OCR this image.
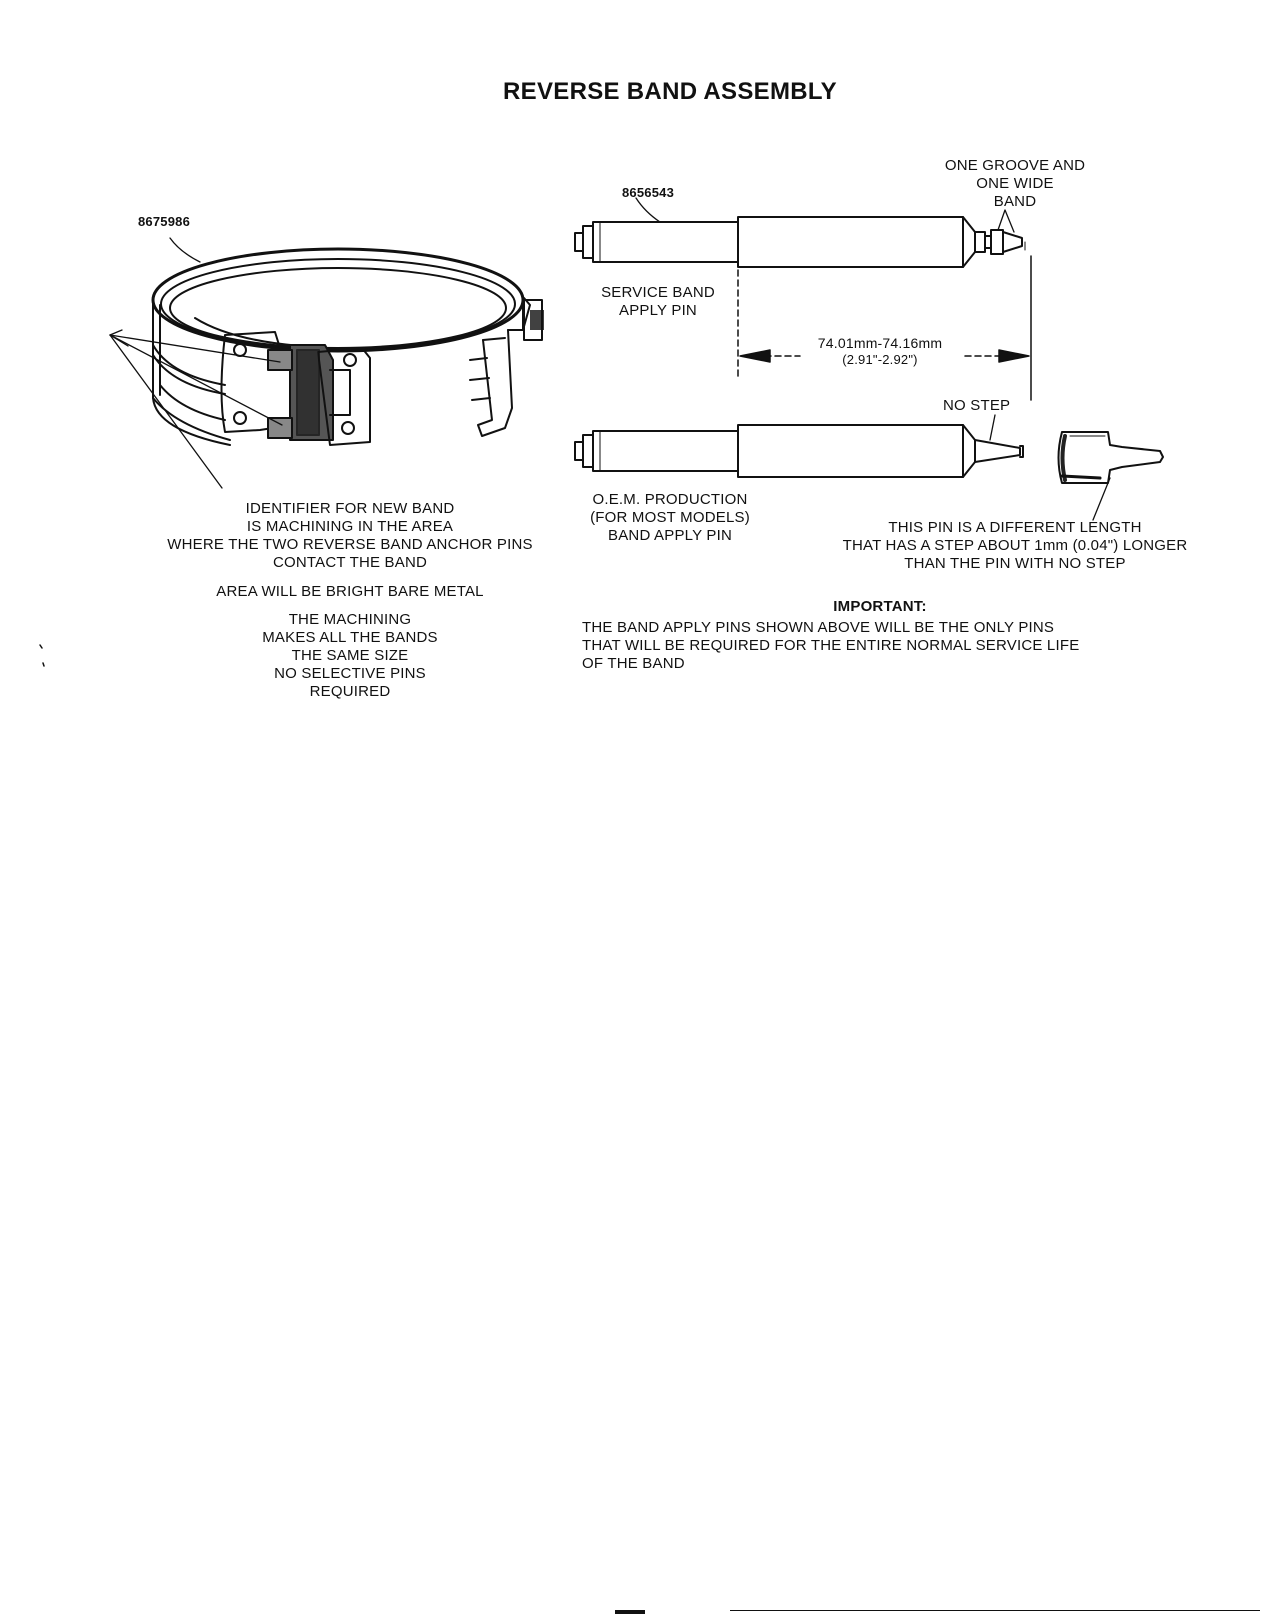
REVERSE BAND ASSEMBLY
8675986
IDENTIFIER FOR NEW BAND
IS MACHINING IN THE AREA
WHERE THE TWO REVERSE BAND ANCHOR PINS
CONTACT THE BAND
AREA WILL BE BRIGHT BARE METAL
THE MACHINING
MAKES ALL THE BANDS
THE SAME SIZE
NO SELECTIVE PINS
REQUIRED
8656543
SERVICE BAND
APPLY PIN
ONE GROOVE AND
ONE WIDE
BAND
74.01mm-74.16mm
(2.91"-2.92")
NO STEP
O.E.M. PRODUCTION
(FOR MOST MODELS)
BAND APPLY PIN	THIS PIN IS A DIFFERENT LENGTH
THAT HAS A STEP ABOUT 1mm (0.04") LONGER
THAN THE PIN WITH NO STEP
IMPORTANT:
THE BAND APPLY PINS SHOWN ABOVE WILL BE THE ONLY PINS
THAT WILL BE REQUIRED FOR THE ENTIRE NORMAL SERVICE LIFE
OF THE BAND
